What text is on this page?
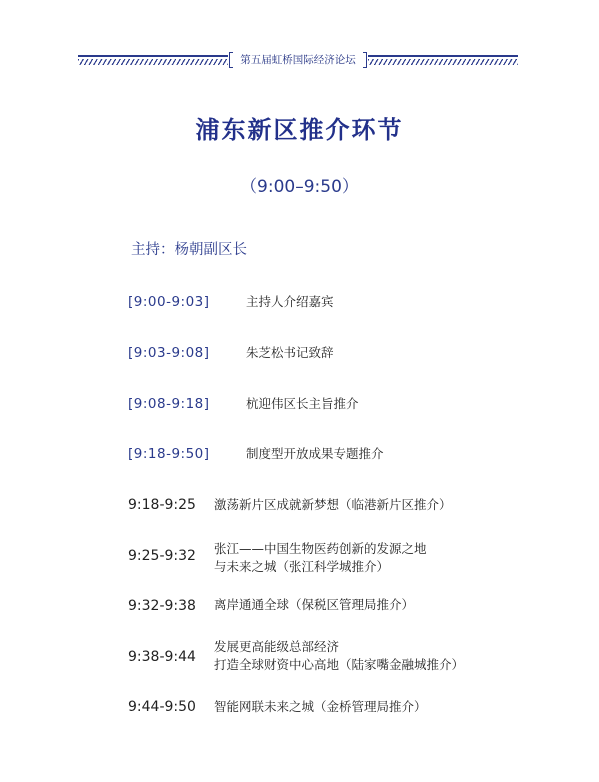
第五届虹桥国际经济论坛
浦东新区推介环节
（9:00–9:50）
主持：杨朝副区长
[9:00-9:03]	主持人介绍嘉宾
[9:03-9:08]	朱芝松书记致辞
[9:08-9:18]	杭迎伟区长主旨推介
[9:18-9:50]	制度型开放成果专题推介
9:18-9:25 激荡新片区成就新梦想（临港新片区推介）
9:25-9:32 张江——中国生物医药创新的发源之地
与未来之城（张江科学城推介）
9:32-9:38 离岸通通全球（保税区管理局推介）
9:38-9:44
发展更高能级总部经济
打造全球财资中心高地（陆家嘴金融城推介）
9:44-9:50 智能网联未来之城（金桥管理局推介）
